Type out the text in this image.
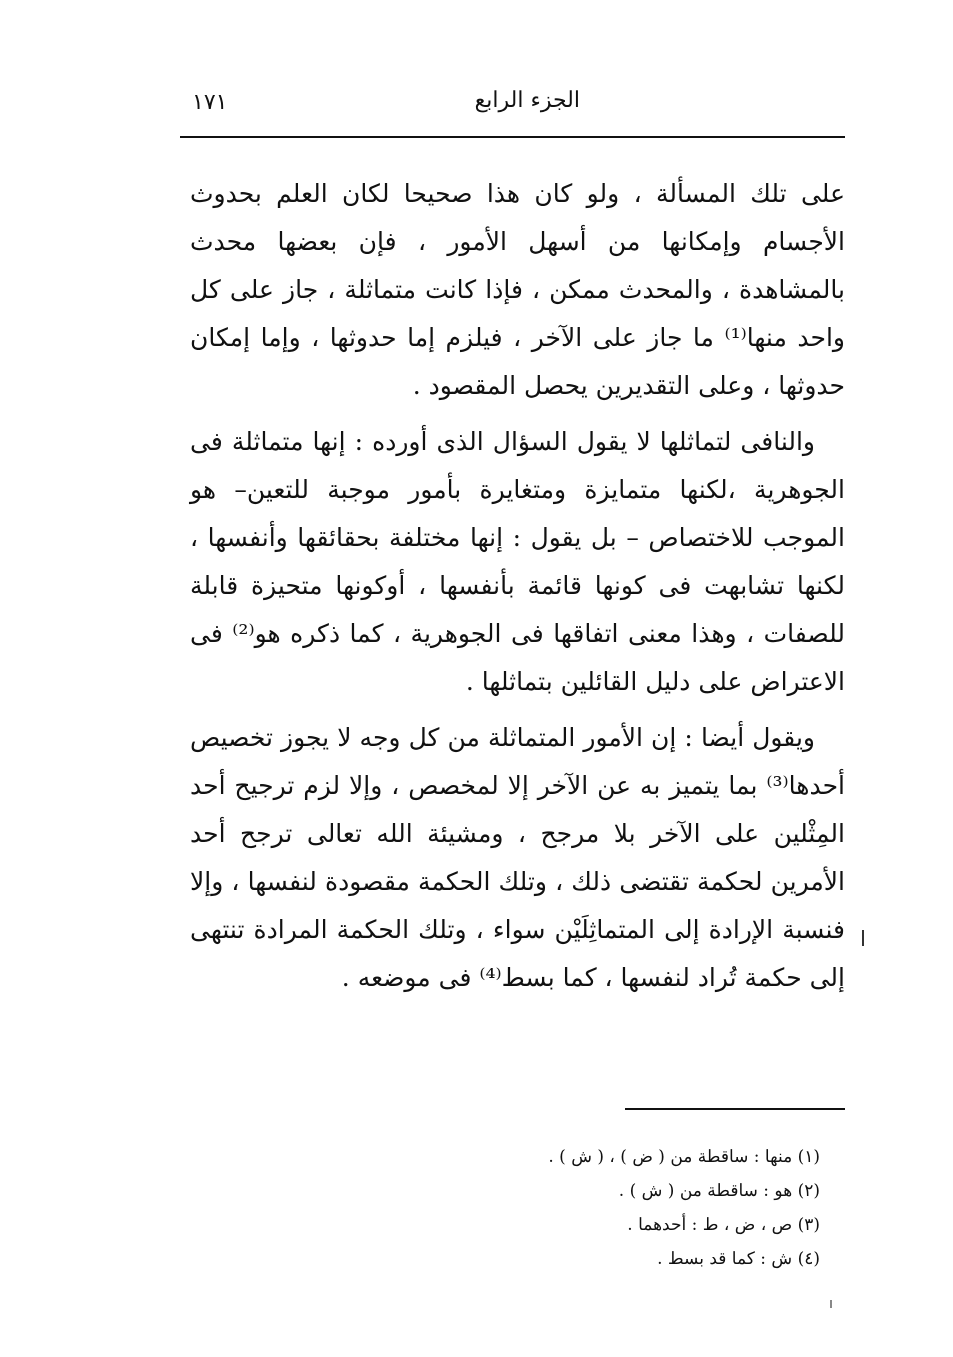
الجزء الرابع
١٧١

على تلك المسألة ، ولو كان هذا صحيحا لكان العلم بحدوث الأجسام وإمكانها من أسهل الأمور ، فإن بعضها محدث بالمشاهدة ، والمحدث ممكن ، فإذا كانت متماثلة ، جاز على كل واحد منها⁽¹⁾ ما جاز على الآخر ، فيلزم إما حدوثها ، وإما إمكان حدوثها ، وعلى التقديرين يحصل المقصود .

والنافى لتماثلها لا يقول السؤال الذى أورده : إنها متماثلة فى الجوهرية ،لكنها متمايزة ومتغايرة بأمور موجبة للتعين– هو الموجب للاختصاص – بل يقول : إنها مختلفة بحقائقها وأنفسها ، لكنها تشابهت فى كونها قائمة بأنفسها ، أوكونها متحيزة قابلة للصفات ، وهذا معنى اتفاقها فى الجوهرية ، كما ذكره هو⁽²⁾ فى الاعتراض على دليل القائلين بتماثلها .

ويقول أيضا : إن الأمور المتماثلة من كل وجه لا يجوز تخصيص أحدها⁽³⁾ بما يتميز به عن الآخر إلا لمخصص ، وإلا لزم ترجيح أحد المِثْلين على الآخر بلا مرجح ، ومشيئة الله تعالى ترجح أحد الأمرين لحكمة تقتضى ذلك ، وتلك الحكمة مقصودة لنفسها ، وإلا فنسبة الإرادة إلى المتماثِلَيْن سواء ، وتلك الحكمة المرادة تنتهى إلى حكمة تُراد لنفسها ، كما بسط⁽⁴⁾ فى موضعه .

(١) منها : ساقطة من ( ض ) ، ( ش ) .
(٢) هو : ساقطة من ( ش ) .
(٣) ص ، ض ، ط : أحدهما .
(٤) ش : كما قد بسط .
